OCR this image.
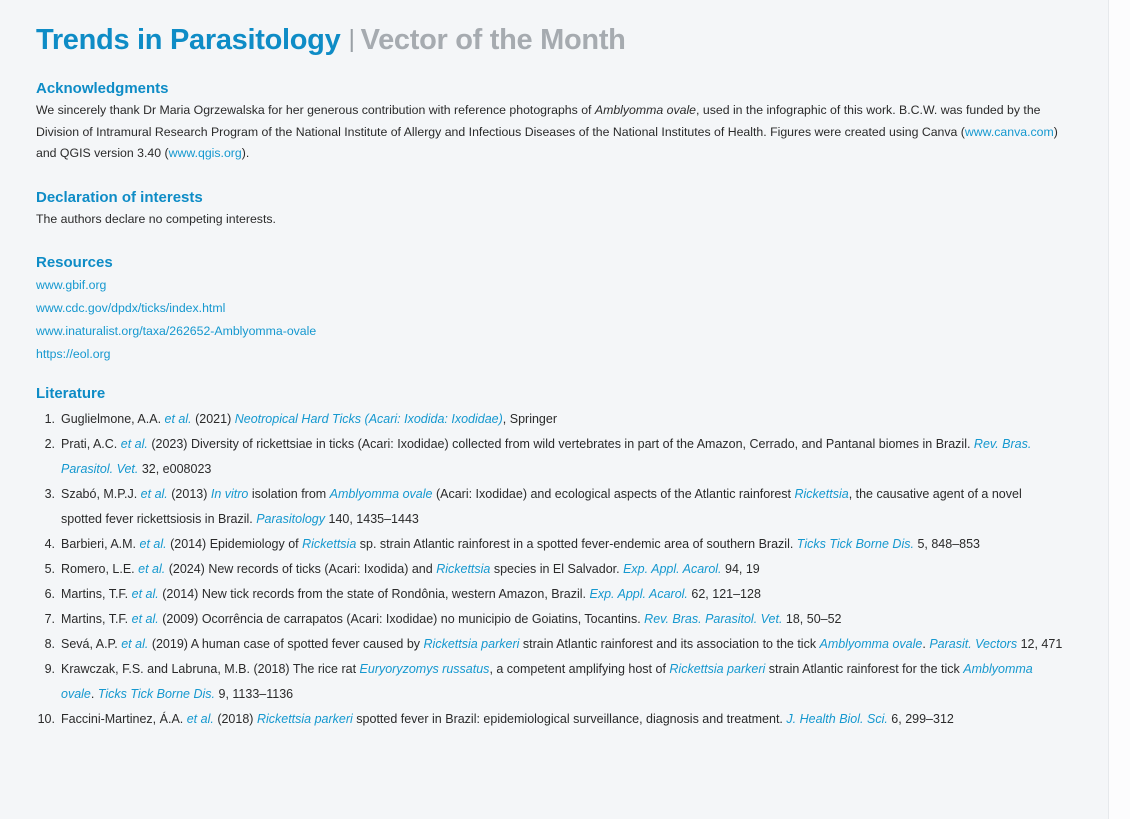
Trends in Parasitology | Vector of the Month
Acknowledgments

We sincerely thank Dr Maria Ogrzewalska for her generous contribution with reference photographs of Amblyomma ovale, used in the infographic of this work. B.C.W. was funded by the Division of Intramural Research Program of the National Institute of Allergy and Infectious Diseases of the National Institutes of Health. Figures were created using Canva (www.canva.com) and QGIS version 3.40 (www.qgis.org).

Declaration of interests

The authors declare no competing interests.

Resources
www.gbif.org
www.cdc.gov/dpdx/ticks/index.html
www.inaturalist.org/taxa/262652-Amblyomma-ovale
https://eol.org
Literature
1. Guglielmone, A.A. et al. (2021) Neotropical Hard Ticks (Acari: Ixodida: Ixodidae), Springer
2. Prati, A.C. et al. (2023) Diversity of rickettsiae in ticks (Acari: Ixodidae) collected from wild vertebrates in part of the Amazon, Cerrado, and Pantanal biomes in Brazil. Rev. Bras. Parasitol. Vet. 32, e008023
3. Szabó, M.P.J. et al. (2013) In vitro isolation from Amblyomma ovale (Acari: Ixodidae) and ecological aspects of the Atlantic rainforest Rickettsia, the causative agent of a novel spotted fever rickettsiosis in Brazil. Parasitology 140, 1435–1443
4. Barbieri, A.M. et al. (2014) Epidemiology of Rickettsia sp. strain Atlantic rainforest in a spotted fever-endemic area of southern Brazil. Ticks Tick Borne Dis. 5, 848–853
5. Romero, L.E. et al. (2024) New records of ticks (Acari: Ixodida) and Rickettsia species in El Salvador. Exp. Appl. Acarol. 94, 19
6. Martins, T.F. et al. (2014) New tick records from the state of Rondônia, western Amazon, Brazil. Exp. Appl. Acarol. 62, 121–128
7. Martins, T.F. et al. (2009) Ocorrência de carrapatos (Acari: Ixodidae) no municipio de Goiatins, Tocantins. Rev. Bras. Parasitol. Vet. 18, 50–52
8. Sevá, A.P. et al. (2019) A human case of spotted fever caused by Rickettsia parkeri strain Atlantic rainforest and its association to the tick Amblyomma ovale. Parasit. Vectors 12, 471
9. Krawczak, F.S. and Labruna, M.B. (2018) The rice rat Euryoryzomys russatus, a competent amplifying host of Rickettsia parkeri strain Atlantic rainforest for the tick Amblyomma ovale. Ticks Tick Borne Dis. 9, 1133–1136
10. Faccini-Martinez, Á.A. et al. (2018) Rickettsia parkeri spotted fever in Brazil: epidemiological surveillance, diagnosis and treatment. J. Health Biol. Sci. 6, 299–312
